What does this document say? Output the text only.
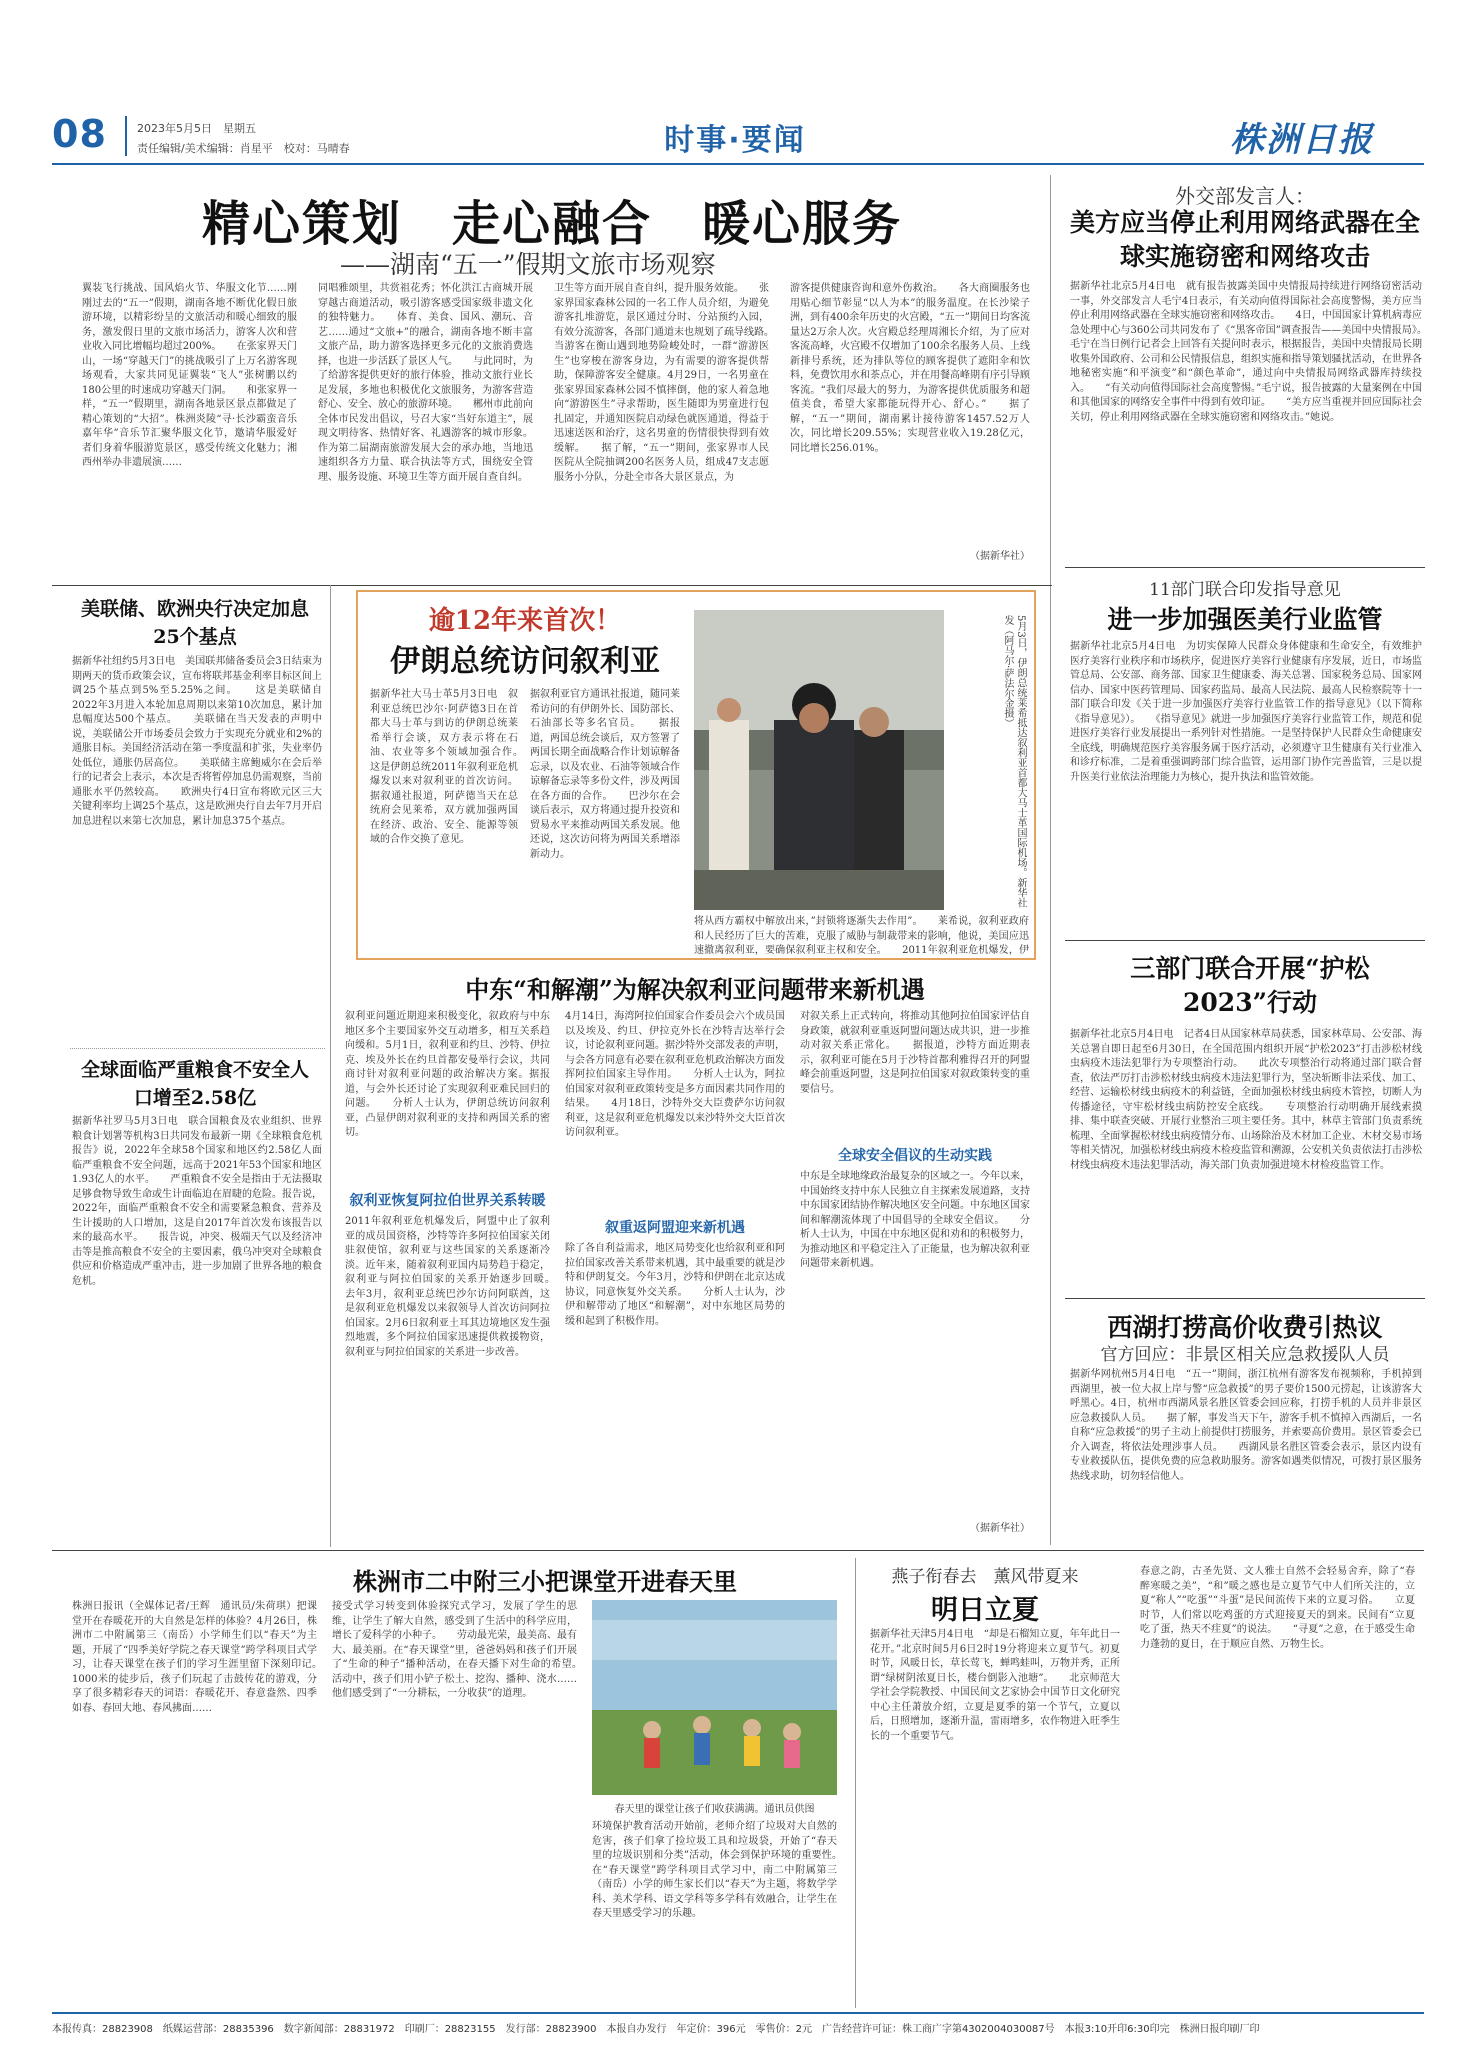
08	2023年5月5日　星期五
责任编辑/美术编辑：肖星平　校对：马晴春	时事·要闻	株洲日报
精心策划　走心融合　暖心服务
——湖南“五一”假期文旅市场观察
翼装飞行挑战、国风焰火节、华服文化节……刚刚过去的“五一”假期，湖南各地不断优化假日旅游环境，以精彩纷呈的文旅活动和暖心细致的服务，激发假日里的文旅市场活力，游客人次和营业收入同比增幅均超过200%。　　在张家界天门山，一场“穿越天门”的挑战吸引了上万名游客现场观看，大家共同见证翼装“飞人”张树鹏以约180公里的时速成功穿越天门洞。　　和张家界一样，“五一”假期里，湖南各地景区景点都做足了精心策划的“大招”。株洲炎陵“寻·长沙霸蛮音乐嘉年华”音乐节汇聚华服文化节，邀请华服爱好者们身着华服游览景区，感受传统文化魅力；湘西州举办非遗展演……
同唱雅颂里，共赏祖花秀；怀化洪江古商城开展穿越古商道活动，吸引游客感受国家级非遗文化的独特魅力。　　体育、美食、国风、潮玩、音艺……通过“文旅+”的融合，湖南各地不断丰富文旅产品，助力游客选择更多元化的文旅消费选择，也进一步活跃了景区人气。　　与此同时，为了给游客提供更好的旅行体验，推动文旅行业长足发展，多地也积极优化文旅服务，为游客营造舒心、安全、放心的旅游环境。　　郴州市此前向全体市民发出倡议，号召大家“当好东道主”，展现文明待客、热情好客、礼遇游客的城市形象。作为第二届湖南旅游发展大会的承办地，当地迅速组织各方力量、联合执法等方式，围绕安全管理、服务设施、环境卫生等方面开展自查自纠。
卫生等方面开展自查自纠，提升服务效能。　　张家界国家森林公园的一名工作人员介绍，为避免游客扎堆游览，景区通过分时、分站预约入园，有效分流游客，各部门通道末也规划了疏导线路。　　当游客在衡山遇到地势险峻处时，一群“游游医生”也穿梭在游客身边，为有需要的游客提供帮助，保障游客安全健康。4月29日，一名男童在张家界国家森林公园不慎摔倒，他的家人着急地向“游游医生”寻求帮助，医生随即为男童进行包扎固定，并通知医院启动绿色就医通道，得益于迅速送医和治疗，这名男童的伤情很快得到有效缓解。　　据了解，“五一”期间，张家界市人民医院从全院抽调200名医务人员，组成47支志愿服务小分队，分赴全市各大景区景点，为
游客提供健康咨询和意外伤救治。　　各大商圈服务也用贴心细节彰显“以人为本”的服务温度。在长沙梁子洲，到有400余年历史的火宫殿，“五一”期间日均客流量达2万余人次。火宫殿总经理周湘长介绍，为了应对客流高峰，火宫殿不仅增加了100余名服务人员、上线新排号系统，还为排队等位的顾客提供了遮阳伞和饮料，免费饮用水和茶点心，并在用餐高峰期有序引导顾客流。“我们尽最大的努力，为游客提供优质服务和超值美食，希望大家都能玩得开心、舒心。”　　据了解，“五一”期间，湖南累计接待游客1457.52万人次，同比增长209.55%；实现营业收入19.28亿元，同比增长256.01%。
（据新华社）
外交部发言人：
美方应当停止利用网络武器在全球实施窃密和网络攻击
据新华社北京5月4日电　就有报告披露美国中央情报局持续进行网络窃密活动一事，外交部发言人毛宁4日表示，有关动向值得国际社会高度警惕，美方应当停止利用网络武器在全球实施窃密和网络攻击。　　4日，中国国家计算机病毒应急处理中心与360公司共同发布了《“黑客帝国”调查报告——美国中央情报局》。　　毛宁在当日例行记者会上回答有关提问时表示，根据报告，美国中央情报局长期收集外国政府、公司和公民情报信息，组织实施和指导策划骚扰活动，在世界各地秘密实施“和平演变”和“颜色革命”，通过向中央情报局网络武器库持续投入。　　“有关动向值得国际社会高度警惕。”毛宁说，报告披露的大量案例在中国和其他国家的网络安全事件中得到有效印证。　　“美方应当重视并回应国际社会关切，停止利用网络武器在全球实施窃密和网络攻击。”她说。
11部门联合印发指导意见
进一步加强医美行业监管
据新华社北京5月4日电　为切实保障人民群众身体健康和生命安全，有效维护医疗美容行业秩序和市场秩序，促进医疗美容行业健康有序发展，近日，市场监管总局、公安部、商务部、国家卫生健康委、海关总署、国家税务总局、国家网信办、国家中医药管理局、国家药监局、最高人民法院、最高人民检察院等十一部门联合印发《关于进一步加强医疗美容行业监管工作的指导意见》（以下简称《指导意见》）。　　《指导意见》就进一步加强医疗美容行业监管工作，规范和促进医疗美容行业发展提出一系列针对性措施。一是坚持保护人民群众生命健康安全底线，明确规范医疗美容服务属于医疗活动，必须遵守卫生健康有关行业准入和诊疗标准，二是着重强调跨部门综合监管，运用部门协作完善监管，三是以提升医美行业依法治理能力为核心，提升执法和监管效能。
三部门联合开展“护松2023”行动
据新华社北京5月4日电　记者4日从国家林草局获悉，国家林草局、公安部、海关总署自即日起至6月30日，在全国范围内组织开展“护松2023”打击涉松材线虫病疫木违法犯罪行为专项整治行动。　　此次专项整治行动将通过部门联合督查，依法严厉打击涉松材线虫病疫木违法犯罪行为，坚决斩断非法采伐、加工、经营、运输松材线虫病疫木的利益链，全面加强松材线虫病疫木管控，切断人为传播途径，守牢松材线虫病防控安全底线。　　专项整治行动明确开展线索摸排、集中联查突破、开展行业整治三项主要任务。其中，林草主管部门负责系统梳理、全面掌握松材线虫病疫情分布、山场除治及木材加工企业、木材交易市场等相关情况，加强松材线虫病疫木检疫监管和溯源，公安机关负责依法打击涉松材线虫病疫木违法犯罪活动，海关部门负责加强进境木材检疫监管工作。
西湖打捞高价收费引热议
官方回应：非景区相关应急救援队人员
据新华网杭州5月4日电　“五一”期间，浙江杭州有游客发布视频称，手机掉到西湖里，被一位大叔上岸与警“应急救援”的男子要价1500元捞起，让该游客大呼黑心。4日，杭州市西湖风景名胜区管委会回应称，打捞手机的人员并非景区应急救援队人员。　　据了解，事发当天下午，游客手机不慎掉入西湖后，一名自称“应急救援”的男子主动上前提供打捞服务，并索要高价费用。景区管委会已介入调查，将依法处理涉事人员。　　西湖风景名胜区管委会表示，景区内设有专业救援队伍，提供免费的应急救助服务。游客如遇类似情况，可拨打景区服务热线求助，切勿轻信他人。
美联储、欧洲央行决定加息25个基点
据新华社纽约5月3日电　美国联邦储备委员会3日结束为期两天的货币政策会议，宣布将联邦基金利率目标区间上调25个基点到5%至5.25%之间。　　这是美联储自2022年3月进入本轮加息周期以来第10次加息，累计加息幅度达500个基点。　　美联储在当天发表的声明中说，美联储公开市场委员会致力于实现充分就业和2%的通胀目标。美国经济活动在第一季度温和扩张，失业率仍处低位，通胀仍居高位。　　美联储主席鲍威尔在会后举行的记者会上表示，本次是否将暂停加息仍需观察，当前通胀水平仍然较高。　　欧洲央行4日宣布将欧元区三大关键利率均上调25个基点，这是欧洲央行自去年7月开启加息进程以来第七次加息，累计加息375个基点。
全球面临严重粮食不安全人口增至2.58亿
据新华社罗马5月3日电　联合国粮食及农业组织、世界粮食计划署等机构3日共同发布最新一期《全球粮食危机报告》说，2022年全球58个国家和地区约2.58亿人面临严重粮食不安全问题，远高于2021年53个国家和地区1.93亿人的水平。　　严重粮食不安全是指由于无法摄取足够食物导致生命或生计面临迫在眉睫的危险。报告说，2022年，面临严重粮食不安全和需要紧急粮食、营养及生计援助的人口增加，这是自2017年首次发布该报告以来的最高水平。　　报告说，冲突、极端天气以及经济冲击等是推高粮食不安全的主要因素，俄乌冲突对全球粮食供应和价格造成严重冲击，进一步加剧了世界各地的粮食危机。
逾12年来首次！
伊朗总统访问叙利亚	5月3日，伊朗总统莱希抵达叙利亚首都大马士革国际机场。新华社发（阿马尔·萨法尔金摄）
据新华社大马士革5月3日电　叙利亚总统巴沙尔·阿萨德3日在首都大马士革与到访的伊朗总统莱希举行会谈，双方表示将在石油、农业等多个领域加强合作。　　这是伊朗总统2011年叙利亚危机爆发以来对叙利亚的首次访问。据叙通社报道，阿萨德当天在总统府会见莱希，双方就加强两国在经济、政治、安全、能源等领域的合作交换了意见。
据叙利亚官方通讯社报道，随同莱希访问的有伊朗外长、国防部长、石油部长等多名官员。　　据报道，两国总统会谈后，双方签署了两国长期全面战略合作计划谅解备忘录，以及农业、石油等领域合作谅解备忘录等多份文件，涉及两国在各方面的合作。　　巴沙尔在会谈后表示，双方将通过提升投资和贸易水平来推动两国关系发展。他还说，这次访问将为两国关系增添新动力。
将从西方霸权中解放出来，”封锁将逐渐失去作用”。　　莱希说，叙利亚政府和人民经历了巨大的苦难，克服了威胁与制裁带来的影响，他说，美国应迅速撤离叙利亚，要确保叙利亚主权和安全。　　2011年叙利亚危机爆发，伊
中东“和解潮”为解决叙利亚问题带来新机遇
叙利亚问题近期迎来积极变化，叙政府与中东地区多个主要国家外交互动增多，相互关系趋向缓和。5月1日，叙利亚和约旦、沙特、伊拉克、埃及外长在约旦首都安曼举行会议，共同商讨针对叙利亚问题的政治解决方案。据报道，与会外长还讨论了实现叙利亚难民回归的问题。　　分析人士认为，伊朗总统访问叙利亚，凸显伊朗对叙利亚的支持和两国关系的密切。
叙利亚恢复阿拉伯世界关系转暖
2011年叙利亚危机爆发后，阿盟中止了叙利亚的成员国资格，沙特等许多阿拉伯国家关闭驻叙使馆，叙利亚与这些国家的关系逐渐冷淡。近年来，随着叙利亚国内局势趋于稳定，叙利亚与阿拉伯国家的关系开始逐步回暖。　　去年3月，叙利亚总统巴沙尔访问阿联酋，这是叙利亚危机爆发以来叙领导人首次访问阿拉伯国家。2月6日叙利亚土耳其边境地区发生强烈地震，多个阿拉伯国家迅速提供救援物资，叙利亚与阿拉伯国家的关系进一步改善。
4月14日，海湾阿拉伯国家合作委员会六个成员国以及埃及、约旦、伊拉克外长在沙特吉达举行会议，讨论叙利亚问题。据沙特外交部发表的声明，与会各方同意有必要在叙利亚危机政治解决方面发挥阿拉伯国家主导作用。　　分析人士认为，阿拉伯国家对叙利亚政策转变是多方面因素共同作用的结果。　　4月18日，沙特外交大臣费萨尔访问叙利亚，这是叙利亚危机爆发以来沙特外交大臣首次访问叙利亚。
叙重返阿盟迎来新机遇
除了各自利益需求，地区局势变化也给叙利亚和阿拉伯国家改善关系带来机遇，其中最重要的就是沙特和伊朗复交。今年3月，沙特和伊朗在北京达成协议，同意恢复外交关系。　　分析人士认为，沙伊和解带动了地区“和解潮”，对中东地区局势的缓和起到了积极作用。
对叙关系上正式转向，将推动其他阿拉伯国家评估自身政策，就叙利亚重返阿盟问题达成共识，进一步推动对叙关系正常化。　　据报道，沙特方面近期表示，叙利亚可能在5月于沙特首都利雅得召开的阿盟峰会前重返阿盟，这是阿拉伯国家对叙政策转变的重要信号。
全球安全倡议的生动实践
中东是全球地缘政治最复杂的区域之一。今年以来，中国始终支持中东人民独立自主探索发展道路，支持中东国家团结协作解决地区安全问题。中东地区国家间和解潮流体现了中国倡导的全球安全倡议。　　分析人士认为，中国在中东地区促和劝和的积极努力，为推动地区和平稳定注入了正能量，也为解决叙利亚问题带来新机遇。
（据新华社）
株洲市二中附三小把课堂开进春天里
株洲日报讯（全媒体记者/王辉　通讯员/朱荷琪）把课堂开在春暖花开的大自然是怎样的体验？4月26日，株洲市二中附属第三（南岳）小学师生们以“春天”为主题，开展了“四季美好学院之春天课堂”跨学科项目式学习，让春天课堂在孩子们的学习生涯里留下深刻印记。　　1000米的徒步后，孩子们玩起了击鼓传花的游戏，分享了很多精彩春天的词语：春暖花开、春意盎然、四季如春、春回大地、春风拂面……
接受式学习转变到体验探究式学习，发展了学生的思维，让学生了解大自然，感受到了生活中的科学应用，增长了爱科学的小种子。　　劳动最光荣，最美高、最有大、最美丽。在“春天课堂”里，爸爸妈妈和孩子们开展了“生命的种子”播种活动，在春天播下对生命的希望。　　活动中，孩子们用小铲子松土、挖沟、播种、浇水……他们感受到了“一分耕耘，一分收获”的道理。
春天里的课堂让孩子们收获满满。通讯员供图
环境保护教育活动开始前，老师介绍了垃圾对大自然的危害，孩子们拿了捡垃圾工具和垃圾袋，开始了“春天里的垃圾识别和分类”活动，体会到保护环境的重要性。　　在“春天课堂”跨学科项目式学习中，南二中附属第三（南岳）小学的师生家长们以“春天”为主题，将数学学科、美术学科、语文学科等多学科有效融合，让学生在春天里感受学习的乐趣。
燕子衔春去　薰风带夏来
明日立夏
据新华社天津5月4日电　“却是石榴知立夏，年年此日一花开。”北京时间5月6日2时19分将迎来立夏节气。初夏时节，风暖日长，草长莺飞，蝉鸣蛙叫，万物并秀，正所谓“绿树阴浓夏日长，楼台倒影入池塘”。　　北京师范大学社会学院教授、中国民间文艺家协会中国节日文化研究中心主任萧放介绍，立夏是夏季的第一个节气，立夏以后，日照增加，逐渐升温，雷雨增多，农作物进入旺季生长的一个重要节气。
春意之韵，古圣先贤、文人雅士自然不会轻易舍弃，除了“春醉寒暖之美”，“和”暖之感也是立夏节气中人们所关注的，立夏“称人”“吃蛋”“斗蛋”是民间流传下来的立夏习俗。　　立夏时节，人们常以吃鸡蛋的方式迎接夏天的到来。民间有“立夏吃了蛋，热天不疰夏”的说法。　　“寻夏”之意，在于感受生命力蓬勃的夏日，在于顺应自然、万物生长。
本报传真：28823908　纸媒运营部：28835396　数字新闻部：28831972　印刷厂：28823155　发行部：28823900　本报自办发行　年定价：396元　零售价：2元　广告经营许可证：株工商广字第4302004030087号　本报3:10开印6:30印完　株洲日报印刷厂印
